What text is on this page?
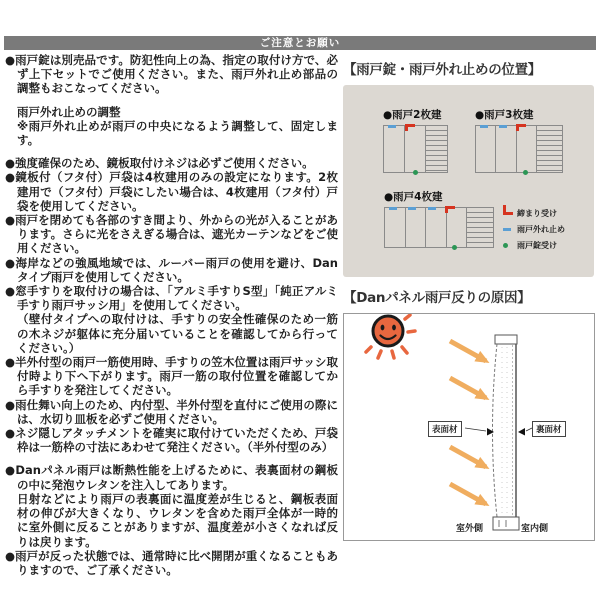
ご注意とお願い
●雨戸錠は別売品です。防犯性向上の為、指定の取付け方で、必ず上下セットでご使用ください。また、雨戸外れ止め部品の調整もおこなってください。
雨戸外れ止めの調整
※雨戸外れ止めが雨戸の中央になるよう調整して、固定します。
●強度確保のため、鏡板取付けネジは必ずご使用ください。
●鏡板付（フタ付）戸袋は4枚建用のみの設定になります。2枚建用で（フタ付）戸袋にしたい場合は、4枚建用（フタ付）戸袋を使用してください。
●雨戸を閉めても各部のすき間より、外からの光が入ることがあります。さらに光をさえぎる場合は、遮光カーテンなどをご使用ください。
●海岸などの強風地域では、ルーバー雨戸の使用を避け、Danタイプ雨戸を使用してください。
●窓手すりを取付けの場合は、「アルミ手すりS型」「純正アルミ手すり雨戸サッシ用」を使用してください。
（壁付タイプへの取付けは、手すりの安全性確保のため一筋の木ネジが躯体に充分届いていることを確認してから行ってください。）
●半外付型の雨戸一筋使用時、手すりの笠木位置は雨戸サッシ取付時より下へ下がります。雨戸一筋の取付位置を確認してから手すりを発注してください。
●雨仕舞い向上のため、内付型、半外付型を直付にご使用の際には、水切り皿板を必ずご使用ください。
●ネジ隠しアタッチメントを確実に取付けていただくため、戸袋枠は一筋枠の寸法にあわせて発注ください。（半外付型のみ）
●Danパネル雨戸は断熱性能を上げるために、表裏面材の鋼板の中に発泡ウレタンを注入してあります。
日射などにより雨戸の表裏面に温度差が生じると、鋼板表面材の伸びが大きくなり、ウレタンを含めた雨戸全体が一時的に室外側に反ることがありますが、温度差が小さくなれば反りは戻ります。
●雨戸が反った状態では、通常時に比べ開閉が重くなることもありますので、ご了承ください。
【雨戸錠・雨戸外れ止めの位置】
締まり受け
雨戸外れ止め
雨戸錠受け
●雨戸2枚建	●雨戸3枚建
●雨戸4枚建
【Danパネル雨戸反りの原因】
表面材	裏面材
室外側	室内側
